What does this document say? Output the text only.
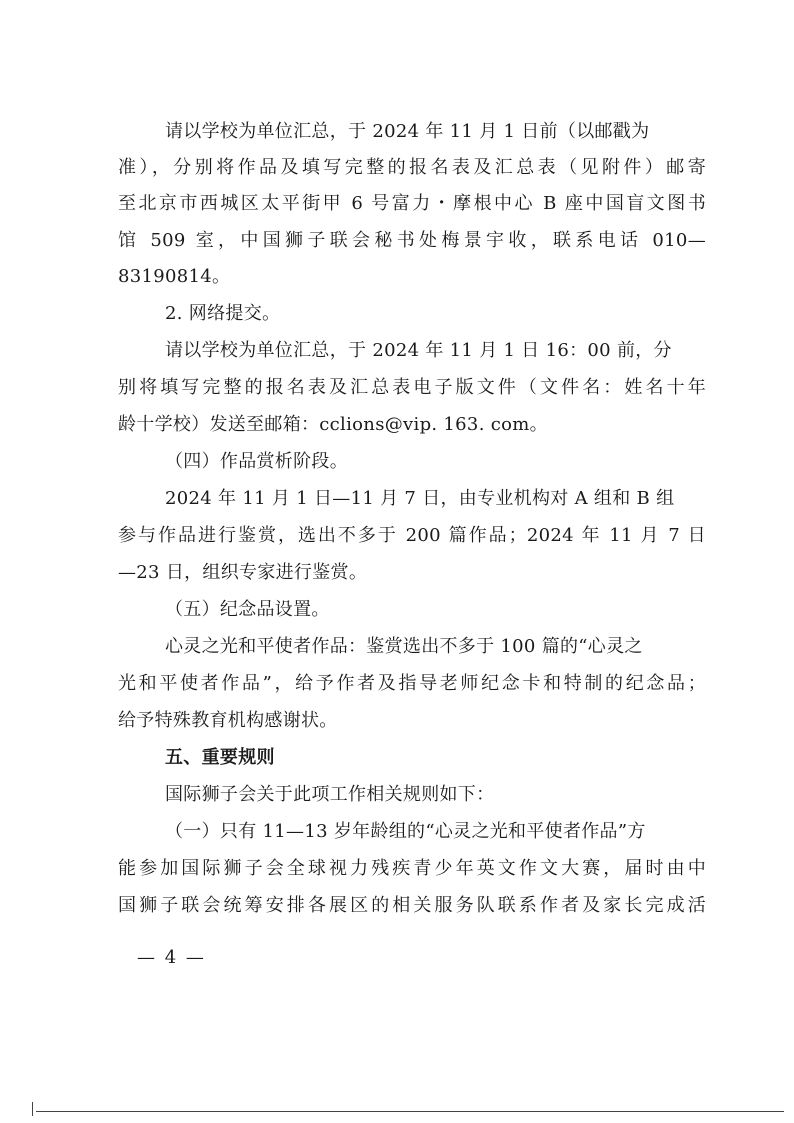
请以学校为单位汇总，于 2024 年 11 月 1 日前（以邮戳为
准），分别将作品及填写完整的报名表及汇总表（见附件）邮寄
至北京市西城区太平街甲 6 号富力・摩根中心 B 座中国盲文图书
馆 509 室，中国狮子联会秘书处梅景宇收，联系电话 010—
83190814。
2. 网络提交。
请以学校为单位汇总，于 2024 年 11 月 1 日 16：00 前，分
别将填写完整的报名表及汇总表电子版文件（文件名：姓名十年
龄十学校）发送至邮箱：cclions@vip. 163. com。
（四）作品赏析阶段。
2024 年 11 月 1 日—11 月 7 日，由专业机构对 A 组和 B 组
参与作品进行鉴赏，选出不多于 200 篇作品；2024 年 11 月 7 日
—23 日，组织专家进行鉴赏。
（五）纪念品设置。
心灵之光和平使者作品：鉴赏选出不多于 100 篇的“心灵之
光和平使者作品”，给予作者及指导老师纪念卡和特制的纪念品；
给予特殊教育机构感谢状。
五、重要规则
国际狮子会关于此项工作相关规则如下：
（一）只有 11—13 岁年龄组的“心灵之光和平使者作品”方
能参加国际狮子会全球视力残疾青少年英文作文大赛，届时由中
国狮子联会统筹安排各展区的相关服务队联系作者及家长完成活
— 4 —
